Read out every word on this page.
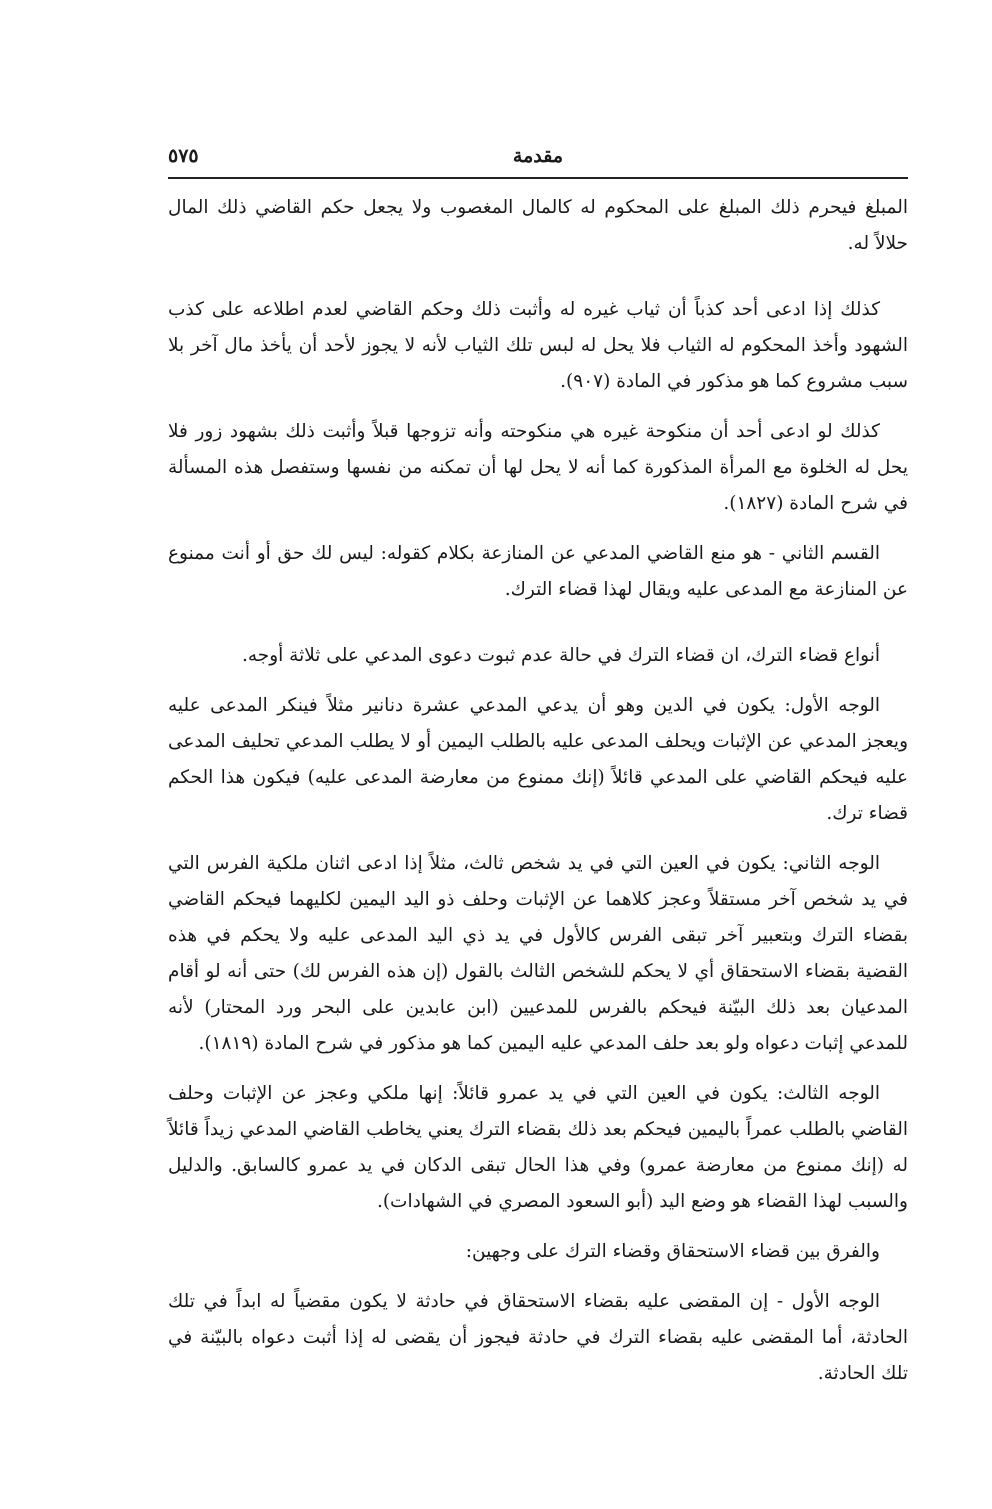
مقدمة
٥٧٥

المبلغ فيحرم ذلك المبلغ على المحكوم له كالمال المغصوب ولا يجعل حكم القاضي ذلك المال حلالاً له.

كذلك إذا ادعى أحد كذباً أن ثياب غيره له وأثبت ذلك وحكم القاضي لعدم اطلاعه على كذب الشهود وأخذ المحكوم له الثياب فلا يحل له لبس تلك الثياب لأنه لا يجوز لأحد أن يأخذ مال آخر بلا سبب مشروع كما هو مذكور في المادة (٩٠٧).

كذلك لو ادعى أحد أن منكوحة غيره هي منكوحته وأنه تزوجها قبلاً وأثبت ذلك بشهود زور فلا يحل له الخلوة مع المرأة المذكورة كما أنه لا يحل لها أن تمكنه من نفسها وستفصل هذه المسألة في شرح المادة (١٨٢٧).

القسم الثاني - هو منع القاضي المدعي عن المنازعة بكلام كقوله: ليس لك حق أو أنت ممنوع عن المنازعة مع المدعى عليه ويقال لهذا قضاء الترك.

أنواع قضاء الترك، ان قضاء الترك في حالة عدم ثبوت دعوى المدعي على ثلاثة أوجه.

الوجه الأول: يكون في الدين وهو أن يدعي المدعي عشرة دنانير مثلاً فينكر المدعى عليه ويعجز المدعي عن الإثبات ويحلف المدعى عليه بالطلب اليمين أو لا يطلب المدعي تحليف المدعى عليه فيحكم القاضي على المدعي قائلاً (إنك ممنوع من معارضة المدعى عليه) فيكون هذا الحكم قضاء ترك.

الوجه الثاني: يكون في العين التي في يد شخص ثالث، مثلاً إذا ادعى اثنان ملكية الفرس التي في يد شخص آخر مستقلاً وعجز كلاهما عن الإثبات وحلف ذو اليد اليمين لكليهما فيحكم القاضي بقضاء الترك وبتعبير آخر تبقى الفرس كالأول في يد ذي اليد المدعى عليه ولا يحكم في هذه القضية بقضاء الاستحقاق أي لا يحكم للشخص الثالث بالقول (إن هذه الفرس لك) حتى أنه لو أقام المدعيان بعد ذلك البيّنة فيحكم بالفرس للمدعيين (ابن عابدين على البحر ورد المحتار) لأنه للمدعي إثبات دعواه ولو بعد حلف المدعي عليه اليمين كما هو مذكور في شرح المادة (١٨١٩).

الوجه الثالث: يكون في العين التي في يد عمرو قائلاً: إنها ملكي وعجز عن الإثبات وحلف القاضي بالطلب عمراً باليمين فيحكم بعد ذلك بقضاء الترك يعني يخاطب القاضي المدعي زيداً قائلاً له (إنك ممنوع من معارضة عمرو) وفي هذا الحال تبقى الدكان في يد عمرو كالسابق. والدليل والسبب لهذا القضاء هو وضع اليد (أبو السعود المصري في الشهادات).

والفرق بين قضاء الاستحقاق وقضاء الترك على وجهين:

الوجه الأول - إن المقضى عليه بقضاء الاستحقاق في حادثة لا يكون مقضياً له ابداً في تلك الحادثة، أما المقضى عليه بقضاء الترك في حادثة فيجوز أن يقضى له إذا أثبت دعواه بالبيّنة في تلك الحادثة.
